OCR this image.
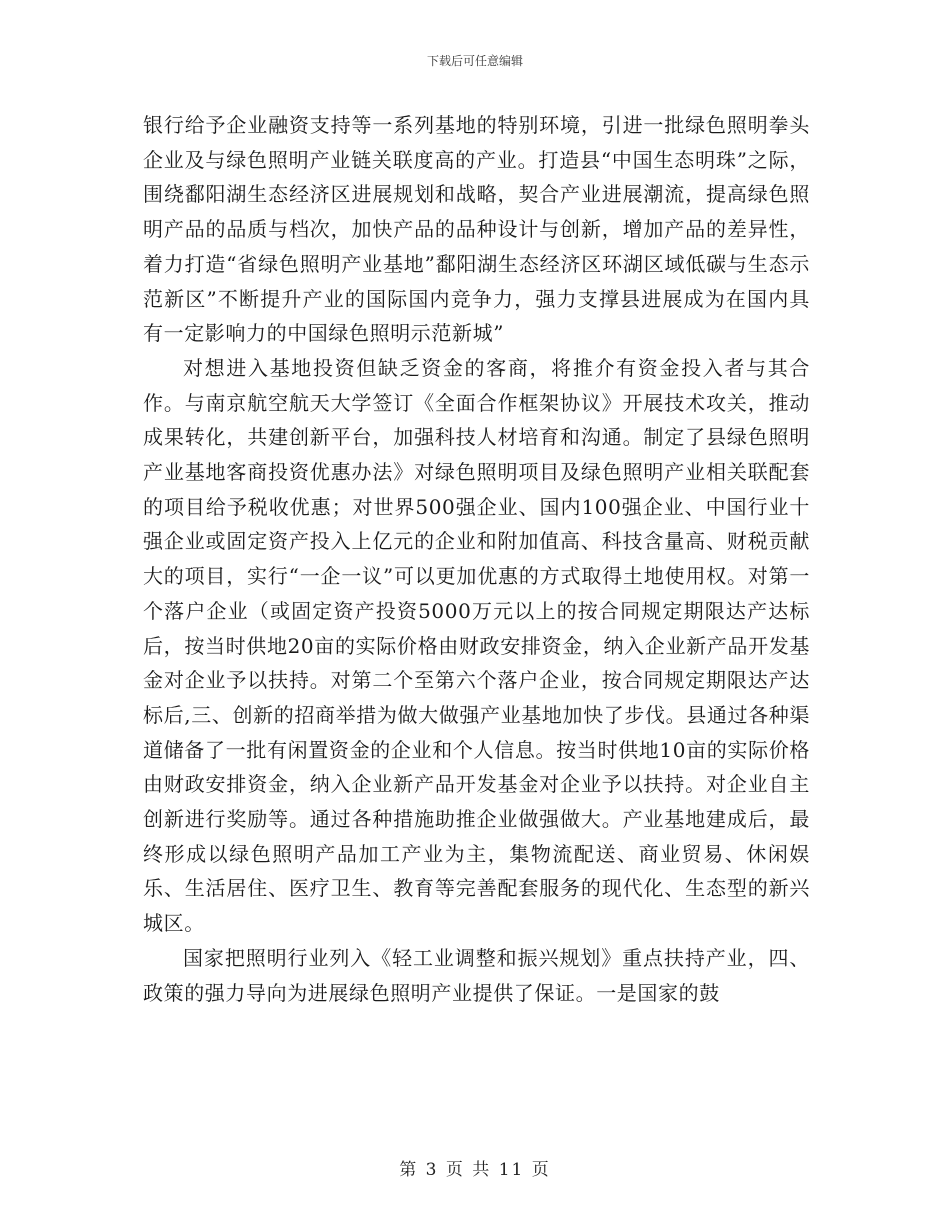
下载后可任意编辑

银行给予企业融资支持等一系列基地的特别环境，引进一批绿色照明拳头企业及与绿色照明产业链关联度高的产业。打造县“中国生态明珠”之际，围绕鄱阳湖生态经济区进展规划和战略，契合产业进展潮流，提高绿色照明产品的品质与档次，加快产品的品种设计与创新，增加产品的差异性，着力打造“省绿色照明产业基地”鄱阳湖生态经济区环湖区域低碳与生态示范新区”不断提升产业的国际国内竞争力，强力支撑县进展成为在国内具有一定影响力的中国绿色照明示范新城”

对想进入基地投资但缺乏资金的客商，将推介有资金投入者与其合作。与南京航空航天大学签订《全面合作框架协议》开展技术攻关，推动成果转化，共建创新平台，加强科技人材培育和沟通。制定了县绿色照明产业基地客商投资优惠办法》对绿色照明项目及绿色照明产业相关联配套的项目给予税收优惠；对世界500强企业、国内100强企业、中国行业十强企业或固定资产投入上亿元的企业和附加值高、科技含量高、财税贡献大的项目，实行“一企一议”可以更加优惠的方式取得土地使用权。对第一个落户企业（或固定资产投资5000万元以上的按合同规定期限达产达标后，按当时供地20亩的实际价格由财政安排资金，纳入企业新产品开发基金对企业予以扶持。对第二个至第六个落户企业，按合同规定期限达产达标后,三、创新的招商举措为做大做强产业基地加快了步伐。县通过各种渠道储备了一批有闲置资金的企业和个人信息。按当时供地10亩的实际价格由财政安排资金，纳入企业新产品开发基金对企业予以扶持。对企业自主创新进行奖励等。通过各种措施助推企业做强做大。产业基地建成后，最终形成以绿色照明产品加工产业为主，集物流配送、商业贸易、休闲娱乐、生活居住、医疗卫生、教育等完善配套服务的现代化、生态型的新兴城区。

国家把照明行业列入《轻工业调整和振兴规划》重点扶持产业，四、政策的强力导向为进展绿色照明产业提供了保证。一是国家的鼓

第 3 页 共 11 页
